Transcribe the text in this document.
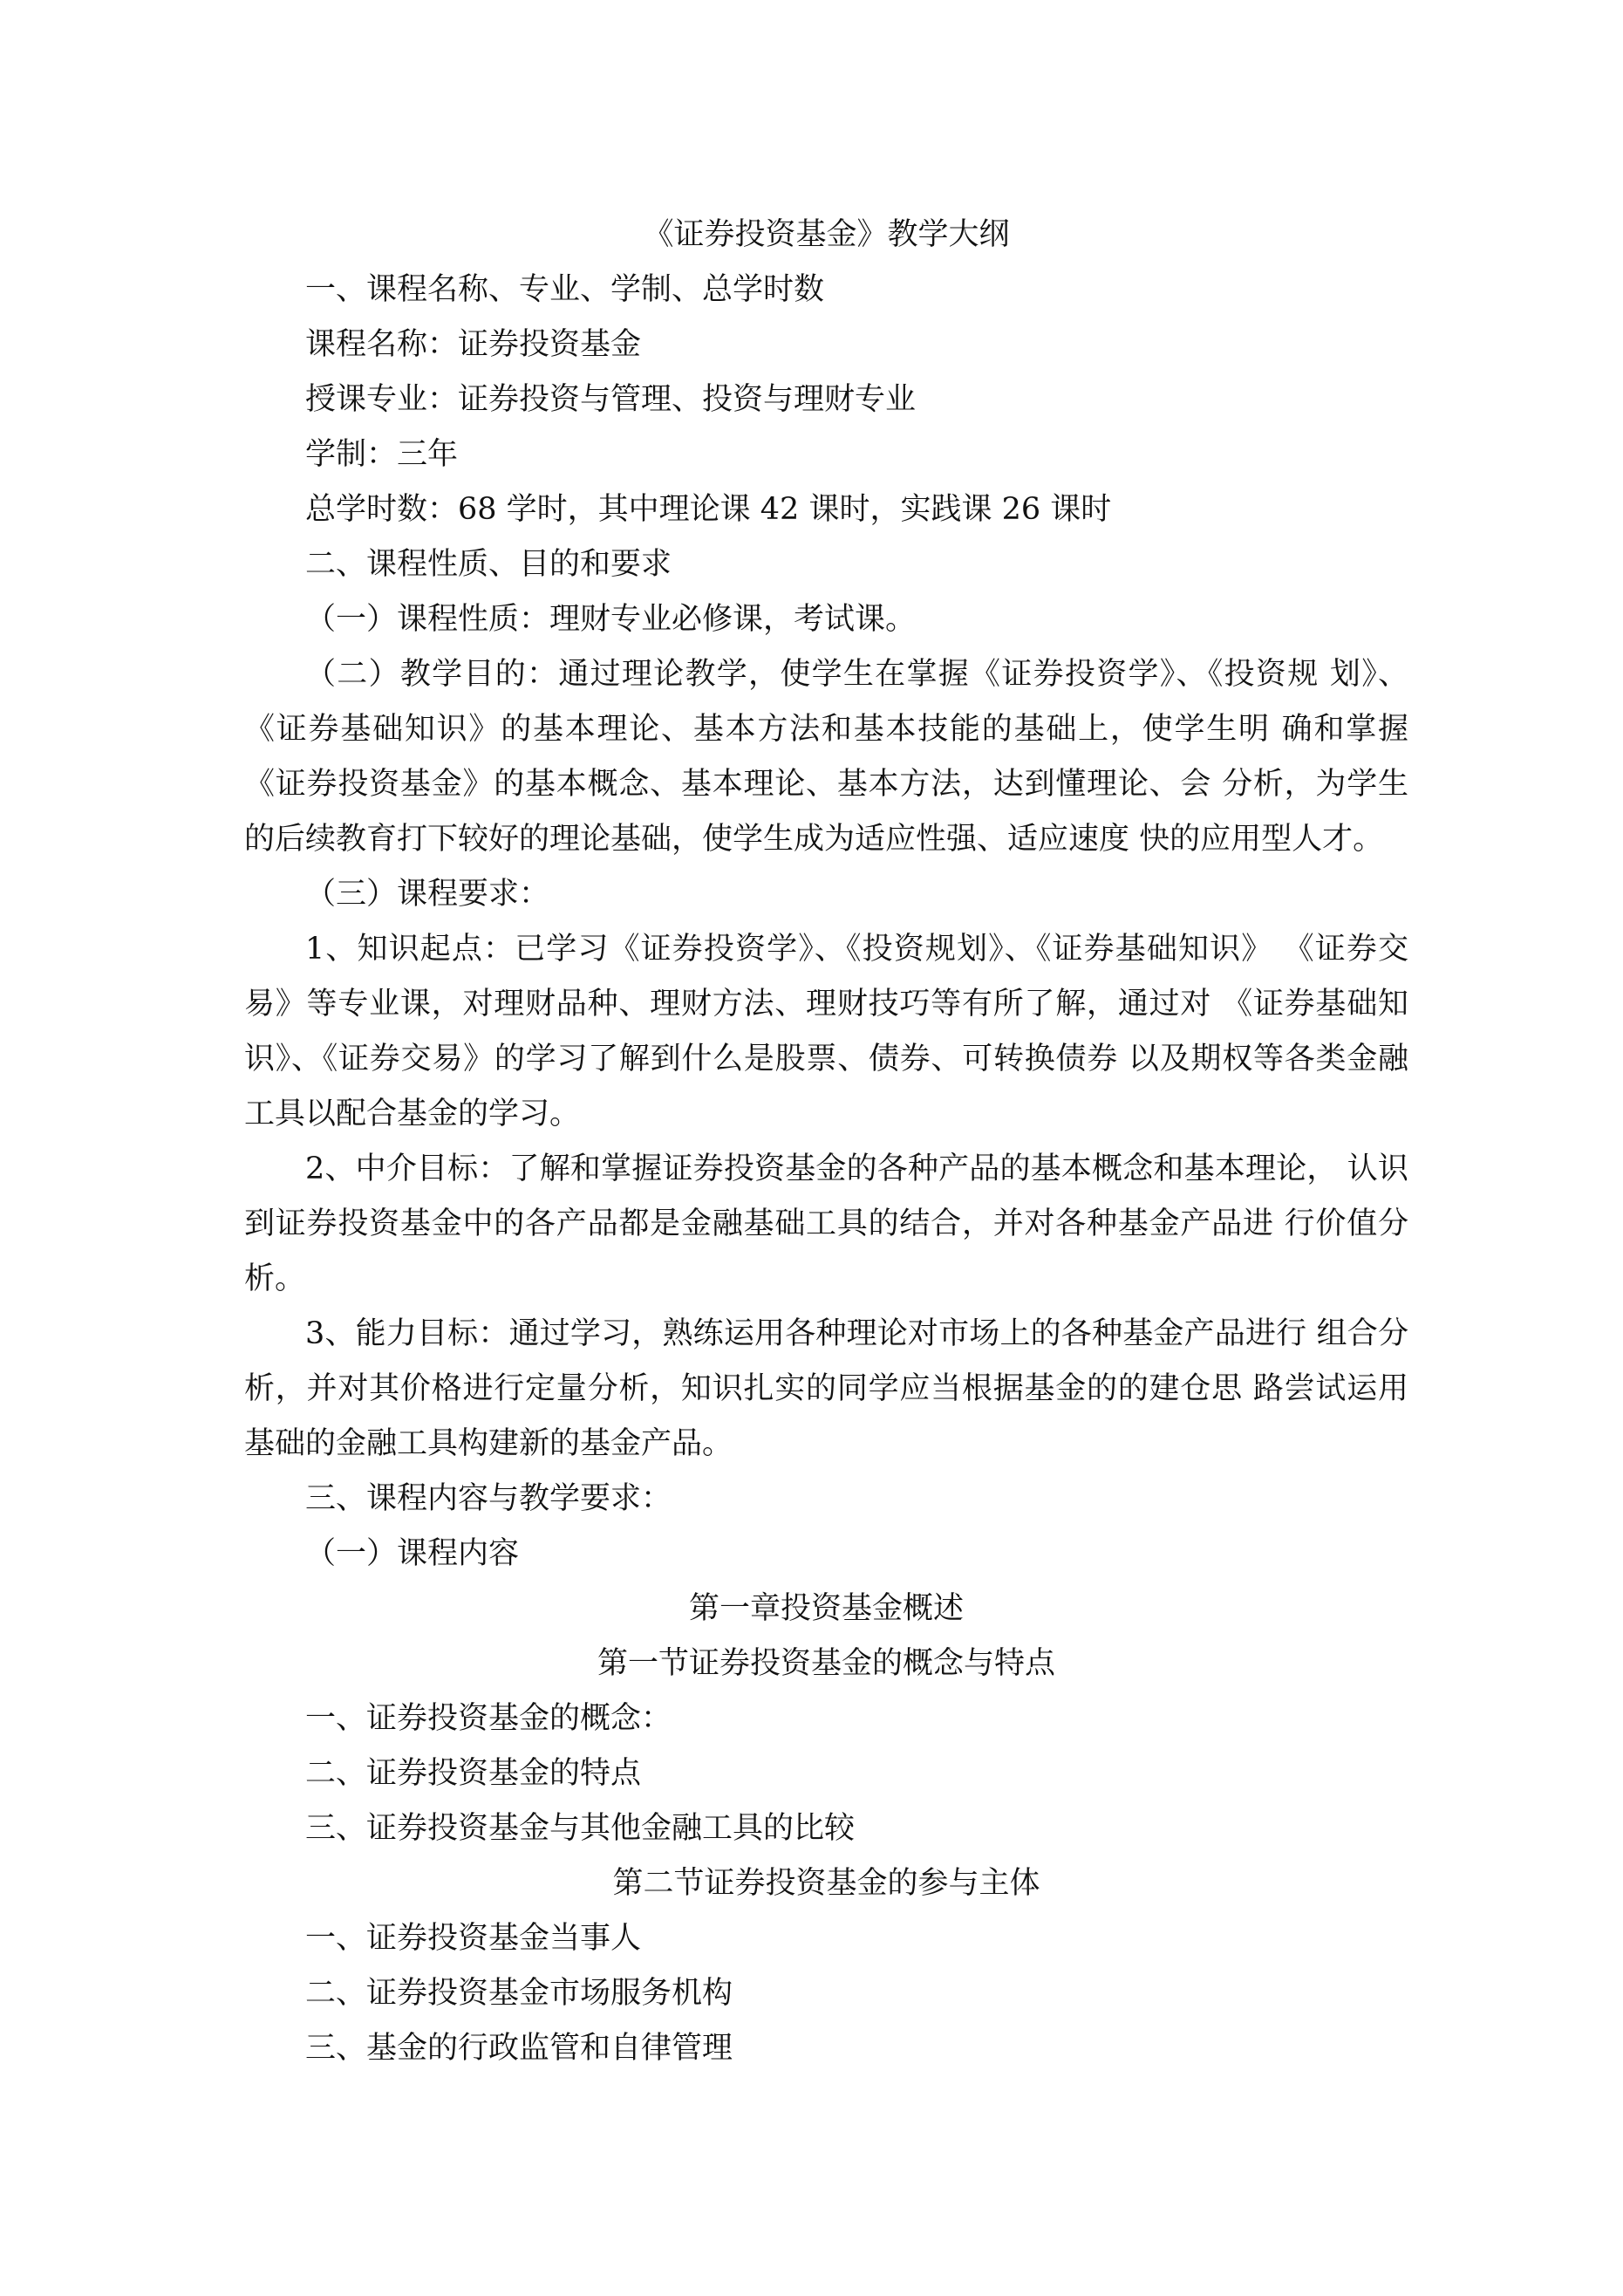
《证券投资基金》教学大纲
一、课程名称、专业、学制、总学时数
课程名称：证券投资基金
授课专业：证券投资与管理、投资与理财专业
学制：三年
总学时数：68 学时，其中理论课 42 课时，实践课 26 课时
二、课程性质、目的和要求
（一）课程性质：理财专业必修课，考试课。
（二）教学目的：通过理论教学，使学生在掌握《证券投资学》、《投资规 划》、《证券基础知识》的基本理论、基本方法和基本技能的基础上，使学生明 确和掌握《证券投资基金》的基本概念、基本理论、基本方法，达到懂理论、会 分析，为学生的后续教育打下较好的理论基础，使学生成为适应性强、适应速度 快的应用型人才。
（三）课程要求：
1、知识起点：已学习《证券投资学》、《投资规划》、《证券基础知识》 《证券交易》等专业课，对理财品种、理财方法、理财技巧等有所了解，通过对 《证券基础知识》、《证券交易》的学习了解到什么是股票、债券、可转换债券 以及期权等各类金融工具以配合基金的学习。
2、中介目标：了解和掌握证券投资基金的各种产品的基本概念和基本理论， 认识到证券投资基金中的各产品都是金融基础工具的结合，并对各种基金产品进 行价值分析。
3、能力目标：通过学习，熟练运用各种理论对市场上的各种基金产品进行 组合分析，并对其价格进行定量分析，知识扎实的同学应当根据基金的的建仓思 路尝试运用基础的金融工具构建新的基金产品。
三、课程内容与教学要求：
（一）课程内容
第一章投资基金概述
第一节证券投资基金的概念与特点
一、证券投资基金的概念：
二、证券投资基金的特点
三、证券投资基金与其他金融工具的比较
第二节证券投资基金的参与主体
一、证券投资基金当事人
二、证券投资基金市场服务机构
三、基金的行政监管和自律管理
